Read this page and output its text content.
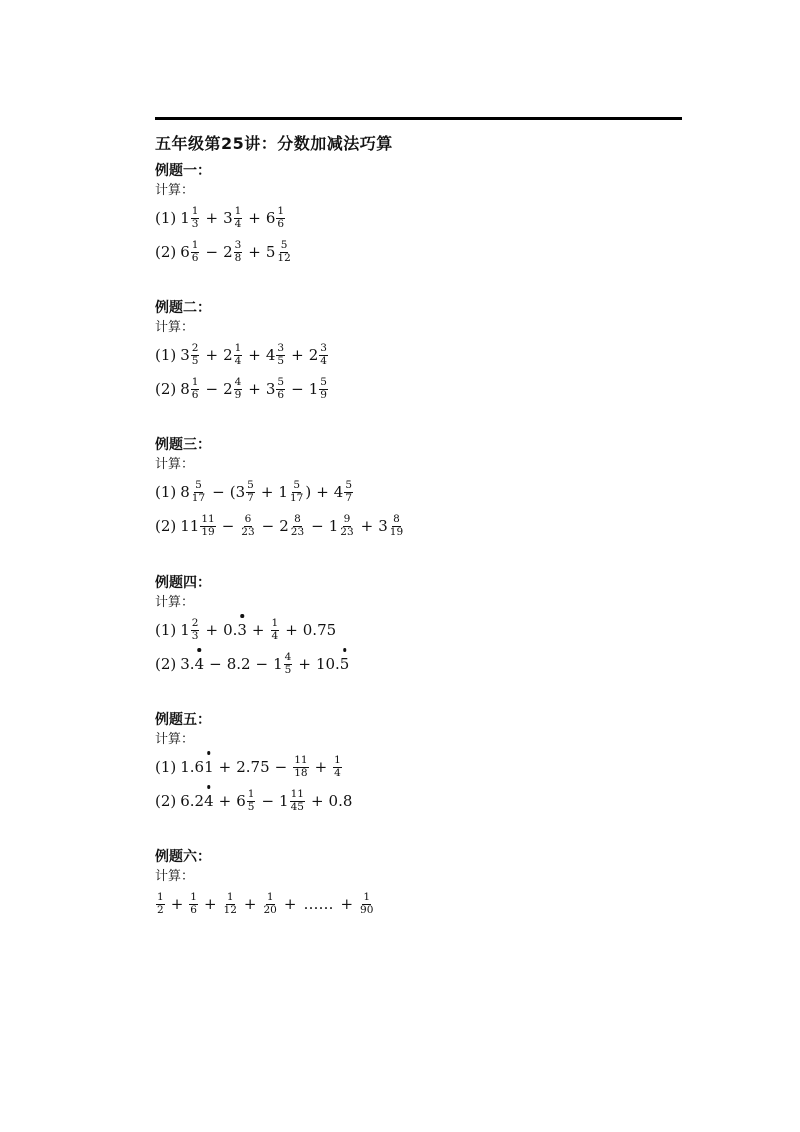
五年级第25讲：分数加减法巧算
例题一：
计算：
(1) $1 \frac{1}{3} + 3 \frac{1}{4} + 6 \frac{1}{6}$
(2) $6 \frac{1}{6} - 2 \frac{3}{8} + 5 \frac{5}{12}$
例题二：
计算：
(1) $3 \frac{2}{5} + 2 \frac{1}{4} + 4 \frac{3}{5} + 2 \frac{3}{4}$
(2) $8 \frac{1}{6} - 2 \frac{4}{9} + 3 \frac{5}{6} - 1 \frac{5}{9}$
例题三：
计算：
(1) $8 \frac{5}{17}$ − ( $3 \frac{5}{7} + 1 \frac{5}{17}$ ) + $4 \frac{5}{7}$
(2) $11 \frac{11}{19} - \frac{6}{23} - 2 \frac{8}{23} - 1 \frac{9}{23} + 3 \frac{8}{19}$
例题四：
计算：
(1) $1 \frac{2}{3} + 0$. $3 + \frac{1}{4} + 0.75$
(2) 3. $4 - 8.2 - 1 \frac{4}{5} + 10$. 5
例题五：
计算：
(1) 1.6 $1 + 2.75 - \frac{11}{18} + \frac{1}{4}$
(2) 6.2 $4 + 6 \frac{1}{5} - 1 \frac{11}{45} + 0.8$
例题六：
计算：
$\frac{1}{2} + \frac{1}{6} + \frac{1}{12} + \frac{1}{20}$ + …… + $\frac{1}{90}$
